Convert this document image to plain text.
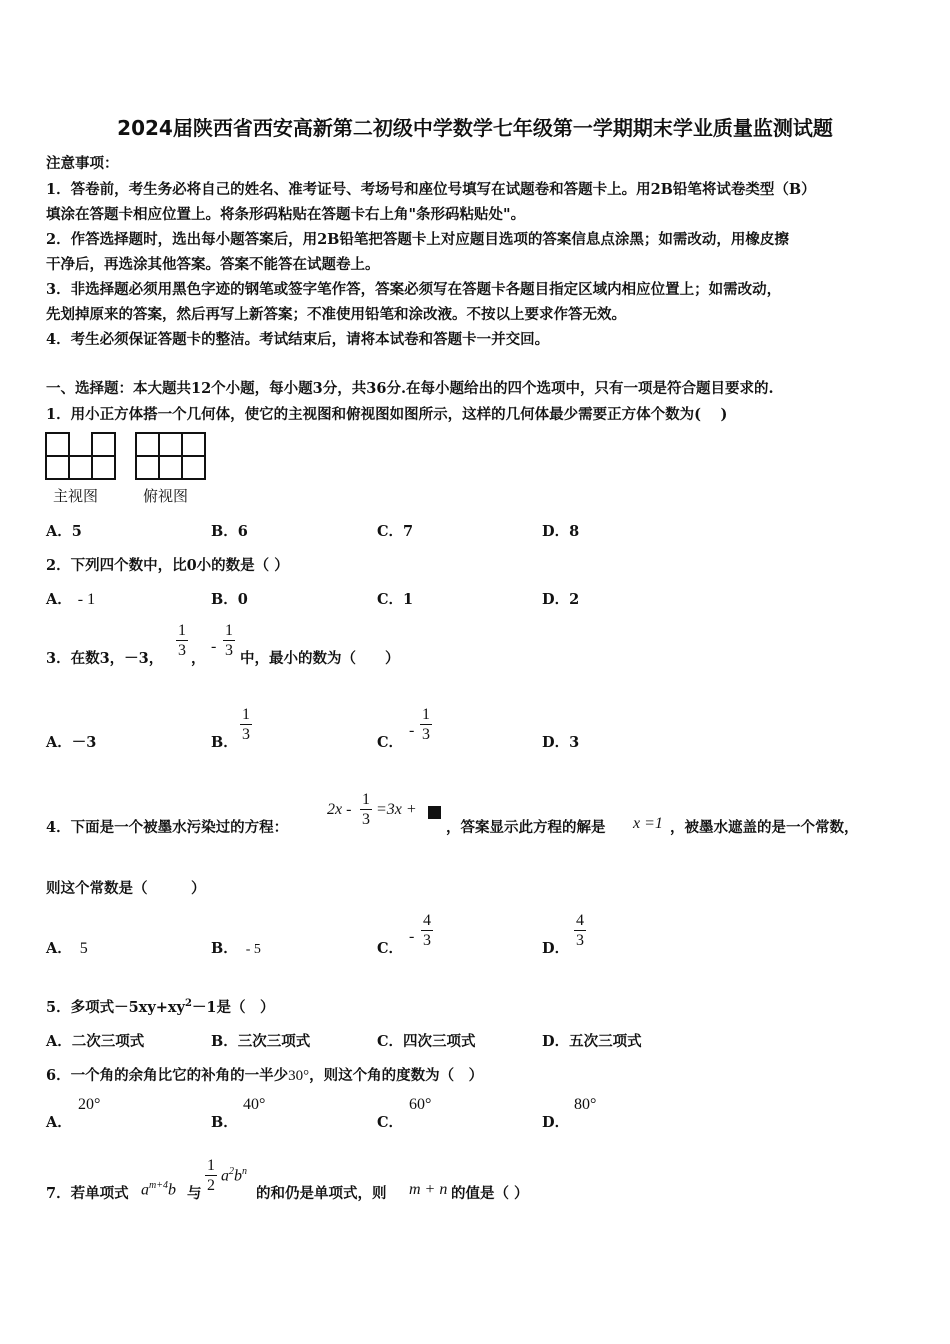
2024届陕西省西安高新第二初级中学数学七年级第一学期期末学业质量监测试题
注意事项：
1．答卷前，考生务必将自己的姓名、准考证号、考场号和座位号填写在试题卷和答题卡上。用2B铅笔将试卷类型（B）
填涂在答题卡相应位置上。将条形码粘贴在答题卡右上角"条形码粘贴处"。
2．作答选择题时，选出每小题答案后，用2B铅笔把答题卡上对应题目选项的答案信息点涂黑；如需改动，用橡皮擦
干净后，再选涂其他答案。答案不能答在试题卷上。
3．非选择题必须用黑色字迹的钢笔或签字笔作答，答案必须写在答题卡各题目指定区域内相应位置上；如需改动，
先划掉原来的答案，然后再写上新答案；不准使用铅笔和涂改液。不按以上要求作答无效。
4．考生必须保证答题卡的整洁。考试结束后，请将本试卷和答题卡一并交回。
一、选择题：本大题共12个小题，每小题3分，共36分.在每小题给出的四个选项中，只有一项是符合题目要求的.
1．用小正方体搭一个几何体，使它的主视图和俯视图如图所示，这样的几何体最少需要正方体个数为(　 )

主视图	俯视图
A．5	B．6	C．7	D．8
2．下列四个数中，比0小的数是（ ）
A． - 1	B．0	C．1	D．2
3．在数3，－3，
1
3 ，
-
1
3 中，最小的数为（　　）
A．－3	B．
1
3	C．
-
1
3	D．3
4．下面是一个被墨水污染过的方程：
2x -
1
3
=3x +
，答案显示此方程的解是 x =1 ，被墨水遮盖的是一个常数，
则这个常数是（　　　）
A． 5	B． - 5	C．
-
4
3	D．
4
3
5．多项式$-5xy+xy^2-1$是（　）
A．二次三项式	B．三次三项式	C．四次三项式	D．五次三项式
6．一个角的余角比它的补角的一半少30°，则这个角的度数为（　）
A．
20°
B．
40°
C．
60°
D．
80°
7．若单项式 $a^{m+4}b$ 与
1
2
$a^2b^n$
的和仍是单项式，则 m + n 的值是（ ）
